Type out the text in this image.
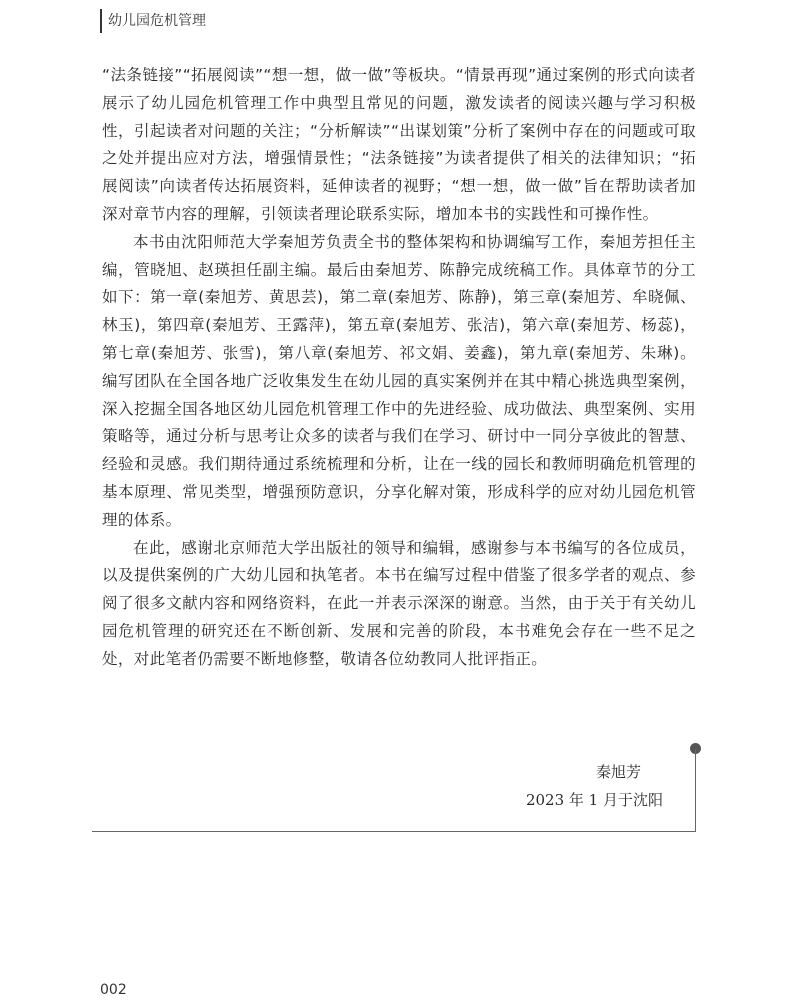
幼儿园危机管理

“法条链接”“拓展阅读”“想一想，做一做”等板块。“情景再现”通过案例的形式向读者展示了幼儿园危机管理工作中典型且常见的问题，激发读者的阅读兴趣与学习积极性，引起读者对问题的关注；“分析解读”“出谋划策”分析了案例中存在的问题或可取之处并提出应对方法，增强情景性；“法条链接”为读者提供了相关的法律知识；“拓展阅读”向读者传达拓展资料，延伸读者的视野；“想一想，做一做”旨在帮助读者加深对章节内容的理解，引领读者理论联系实际，增加本书的实践性和可操作性。

本书由沈阳师范大学秦旭芳负责全书的整体架构和协调编写工作，秦旭芳担任主编，管晓旭、赵瑛担任副主编。最后由秦旭芳、陈静完成统稿工作。具体章节的分工如下：第一章(秦旭芳、黄思芸)，第二章(秦旭芳、陈静)，第三章(秦旭芳、牟晓佩、林玉)，第四章(秦旭芳、王露萍)，第五章(秦旭芳、张洁)，第六章(秦旭芳、杨蕊)，第七章(秦旭芳、张雪)，第八章(秦旭芳、祁文娟、姜鑫)，第九章(秦旭芳、朱琳)。编写团队在全国各地广泛收集发生在幼儿园的真实案例并在其中精心挑选典型案例，深入挖掘全国各地区幼儿园危机管理工作中的先进经验、成功做法、典型案例、实用策略等，通过分析与思考让众多的读者与我们在学习、研讨中一同分享彼此的智慧、经验和灵感。我们期待通过系统梳理和分析，让在一线的园长和教师明确危机管理的基本原理、常见类型，增强预防意识，分享化解对策，形成科学的应对幼儿园危机管理的体系。

在此，感谢北京师范大学出版社的领导和编辑，感谢参与本书编写的各位成员，以及提供案例的广大幼儿园和执笔者。本书在编写过程中借鉴了很多学者的观点、参阅了很多文献内容和网络资料，在此一并表示深深的谢意。当然，由于关于有关幼儿园危机管理的研究还在不断创新、发展和完善的阶段，本书难免会存在一些不足之处，对此笔者仍需要不断地修整，敬请各位幼教同人批评指正。

秦旭芳
2023 年 1 月于沈阳
002
